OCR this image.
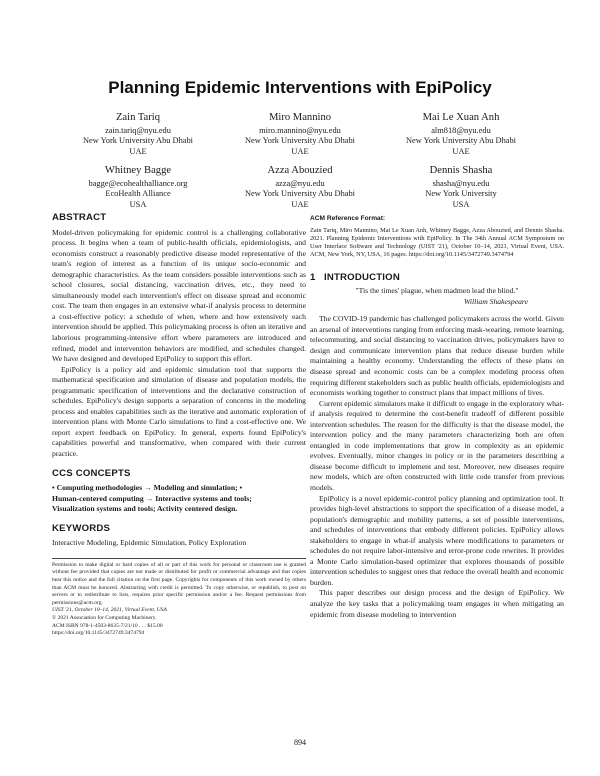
Planning Epidemic Interventions with EpiPolicy
Zain Tariq
zain.tariq@nyu.edu
New York University Abu Dhabi
UAE
Miro Mannino
miro.mannino@nyu.edu
New York University Abu Dhabi
UAE
Mai Le Xuan Anh
alm818@nyu.edu
New York University Abu Dhabi
UAE
Whitney Bagge
bagge@ecohealthalliance.org
EcoHealth Alliance
USA
Azza Abouzied
azza@nyu.edu
New York University Abu Dhabi
UAE
Dennis Shasha
shasha@nyu.edu
New York University
USA
ABSTRACT

Model-driven policymaking for epidemic control is a challenging collaborative process. It begins when a team of public-health officials, epidemiologists, and economists construct a reasonably predictive disease model representative of the team's region of interest as a function of its unique socio-economic and demographic characteristics. As the team considers possible interventions such as school closures, social distancing, vaccination drives, etc., they need to simultaneously model each intervention's effect on disease spread and economic cost. The team then engages in an extensive what-if analysis process to determine a cost-effective policy: a schedule of when, where and how extensively each intervention should be applied. This policymaking process is often an iterative and laborious programming-intensive effort where parameters are introduced and refined, model and intervention behaviors are modified, and schedules changed. We have designed and developed EpiPolicy to support this effort.

EpiPolicy is a policy aid and epidemic simulation tool that supports the mathematical specification and simulation of disease and population models, the programmatic specification of interventions and the declarative construction of schedules. EpiPolicy's design supports a separation of concerns in the modeling process and enables capabilities such as the iterative and automatic exploration of intervention plans with Monte Carlo simulations to find a cost-effective one. We report expert feedback on EpiPolicy. In general, experts found EpiPolicy's capabilities powerful and transformative, when compared with their current practice.

CCS CONCEPTS
• Computing methodologies → Modeling and simulation; •
Human-centered computing → Interactive systems and tools;
Visualization systems and tools; Activity centered design.
KEYWORDS
Interactive Modeling, Epidemic Simulation, Policy Exploration
Permission to make digital or hard copies of all or part of this work for personal or classroom use is granted without fee provided that copies are not made or distributed for profit or commercial advantage and that copies bear this notice and the full citation on the first page. Copyrights for components of this work owned by others than ACM must be honored. Abstracting with credit is permitted. To copy otherwise, or republish, to post on servers or to redistribute to lists, requires prior specific permission and/or a fee. Request permissions from permissions@acm.org.
UIST '21, October 10–14, 2021, Virtual Event, USA
© 2021 Association for Computing Machinery.
ACM ISBN 978-1-4503-8635-7/21/10 . . . $15.00
https://doi.org/10.1145/3472749.3474794
ACM Reference Format:
Zain Tariq, Miro Mannino, Mai Le Xuan Anh, Whitney Bagge, Azza Abouzied, and Dennis Shasha. 2021. Planning Epidemic Interventions with EpiPolicy. In The 34th Annual ACM Symposium on User Interface Software and Technology (UIST '21), October 10–14, 2021, Virtual Event, USA. ACM, New York, NY, USA, 16 pages. https://doi.org/10.1145/3472749.3474794
1 INTRODUCTION
"Tis the times' plague, when madmen lead the blind."
William Shakespeare

The COVID-19 pandemic has challenged policymakers across the world. Given an arsenal of interventions ranging from enforcing mask-wearing, remote learning, telecommuting, and social distancing to vaccination drives, policymakers have to design and communicate intervention plans that reduce disease burden while maintaining a healthy economy. Understanding the effects of these plans on disease spread and economic costs can be a complex modeling process often requiring different stakeholders such as public health officials, epidemiologists and economists working together to construct plans that impact millions of lives.

Current epidemic simulators make it difficult to engage in the exploratory what-if analysis required to determine the cost-benefit tradeoff of different possible intervention schedules. The reason for the difficulty is that the disease model, the intervention policy and the many parameters characterizing both are often entangled in code implementations that grow in complexity as an epidemic evolves. Eventually, minor changes in policy or in the parameters describing a disease become difficult to implement and test. Moreover, new diseases require new models, which are often constructed with little code transfer from previous models.

EpiPolicy is a novel epidemic-control policy planning and optimization tool. It provides high-level abstractions to support the specification of a disease model, a population's demographic and mobility patterns, a set of possible interventions, and schedules of interventions that embody different policies. EpiPolicy allows stakeholders to engage in what-if analysis where modifications to parameters or schedules do not require labor-intensive and error-prone code rewrites. It provides a Monte Carlo simulation-based optimizer that explores thousands of possible intervention schedules to suggest ones that reduce the overall health and economic burden.

This paper describes our design process and the design of EpiPolicy. We analyze the key tasks that a policymaking team engages in when mitigating an epidemic from disease modeling to intervention

894
